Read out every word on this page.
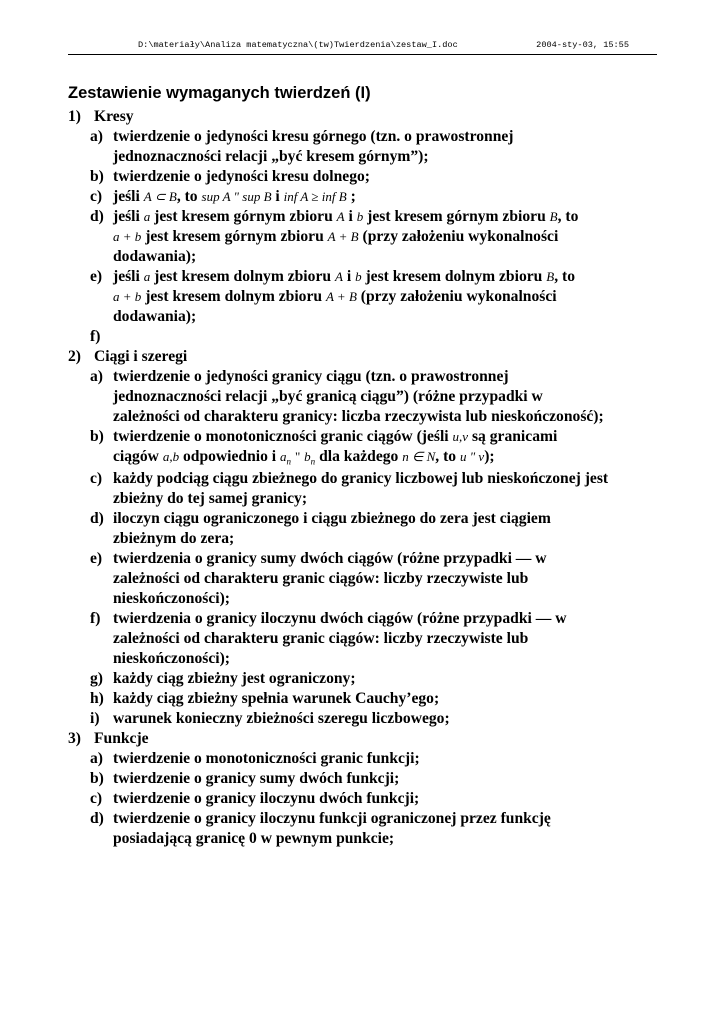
D:\materiały\Analiza matematyczna\(tw)Twierdzenia\zestaw_I.doc	2004-sty-03, 15:55
Zestawienie wymaganych twierdzeń (I)
1) Kresy
a) twierdzenie o jedyności kresu górnego (tzn. o prawostronnej
jednoznaczności relacji „być kresem górnym”);
b) twierdzenie o jedyności kresu dolnego;
c) jeśli A ⊂ B, to sup A " sup B i inf A ≥ inf B ;
d) jeśli a jest kresem górnym zbioru A i b jest kresem górnym zbioru B, to
a + b jest kresem górnym zbioru A + B (przy założeniu wykonalności
dodawania);
e) jeśli a jest kresem dolnym zbioru A i b jest kresem dolnym zbioru B, to
a + b jest kresem dolnym zbioru A + B (przy założeniu wykonalności
dodawania);
f)
2) Ciągi i szeregi
a) twierdzenie o jedyności granicy ciągu (tzn. o prawostronnej
jednoznaczności relacji „być granicą ciągu”) (różne przypadki w
zależności od charakteru granicy: liczba rzeczywista lub nieskończoność);
b) twierdzenie o monotoniczności granic ciągów (jeśli u,v są granicami
ciągów a,b odpowiednio i $a_n$ " $b_n$ dla każdego n ∈ N, to u " v);
c) każdy podciąg ciągu zbieżnego do granicy liczbowej lub nieskończonej jest
zbieżny do tej samej granicy;
d) iloczyn ciągu ograniczonego i ciągu zbieżnego do zera jest ciągiem
zbieżnym do zera;
e) twierdzenia o granicy sumy dwóch ciągów (różne przypadki — w
zależności od charakteru granic ciągów: liczby rzeczywiste lub
nieskończoności);
f) twierdzenia o granicy iloczynu dwóch ciągów (różne przypadki — w
zależności od charakteru granic ciągów: liczby rzeczywiste lub
nieskończoności);
g) każdy ciąg zbieżny jest ograniczony;
h) każdy ciąg zbieżny spełnia warunek Cauchy’ego;
i) warunek konieczny zbieżności szeregu liczbowego;
3) Funkcje
a) twierdzenie o monotoniczności granic funkcji;
b) twierdzenie o granicy sumy dwóch funkcji;
c) twierdzenie o granicy iloczynu dwóch funkcji;
d) twierdzenie o granicy iloczynu funkcji ograniczonej przez funkcję
posiadającą granicę 0 w pewnym punkcie;
